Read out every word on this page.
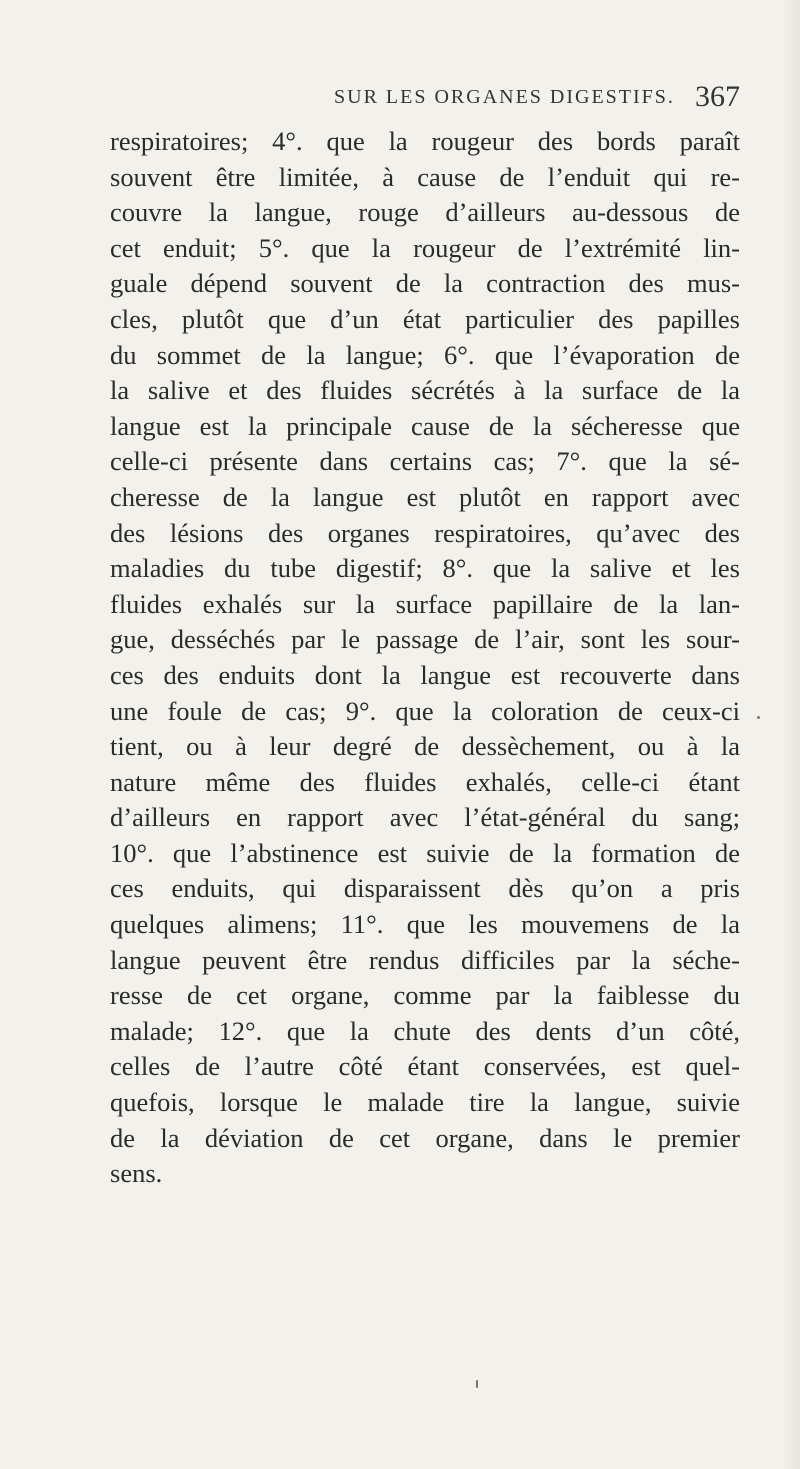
SUR LES ORGANES DIGESTIFS. 367
respiratoires; 4°. que la rougeur des bords paraît
souvent être limitée, à cause de l’enduit qui re-
couvre la langue, rouge d’ailleurs au-dessous de
cet enduit; 5°. que la rougeur de l’extrémité lin-
guale dépend souvent de la contraction des mus-
cles, plutôt que d’un état particulier des papilles
du sommet de la langue; 6°. que l’évaporation de
la salive et des fluides sécrétés à la surface de la
langue est la principale cause de la sécheresse que
celle-ci présente dans certains cas; 7°. que la sé-
cheresse de la langue est plutôt en rapport avec
des lésions des organes respiratoires, qu’avec des
maladies du tube digestif; 8°. que la salive et les
fluides exhalés sur la surface papillaire de la lan-
gue, desséchés par le passage de l’air, sont les sour-
ces des enduits dont la langue est recouverte dans
une foule de cas; 9°. que la coloration de ceux-ci
tient, ou à leur degré de dessèchement, ou à la
nature même des fluides exhalés, celle-ci étant
d’ailleurs en rapport avec l’état-général du sang;
10°. que l’abstinence est suivie de la formation de
ces enduits, qui disparaissent dès qu’on a pris
quelques alimens; 11°. que les mouvemens de la
langue peuvent être rendus difficiles par la séche-
resse de cet organe, comme par la faiblesse du
malade; 12°. que la chute des dents d’un côté,
celles de l’autre côté étant conservées, est quel-
quefois, lorsque le malade tire la langue, suivie
de la déviation de cet organe, dans le premier
sens.
